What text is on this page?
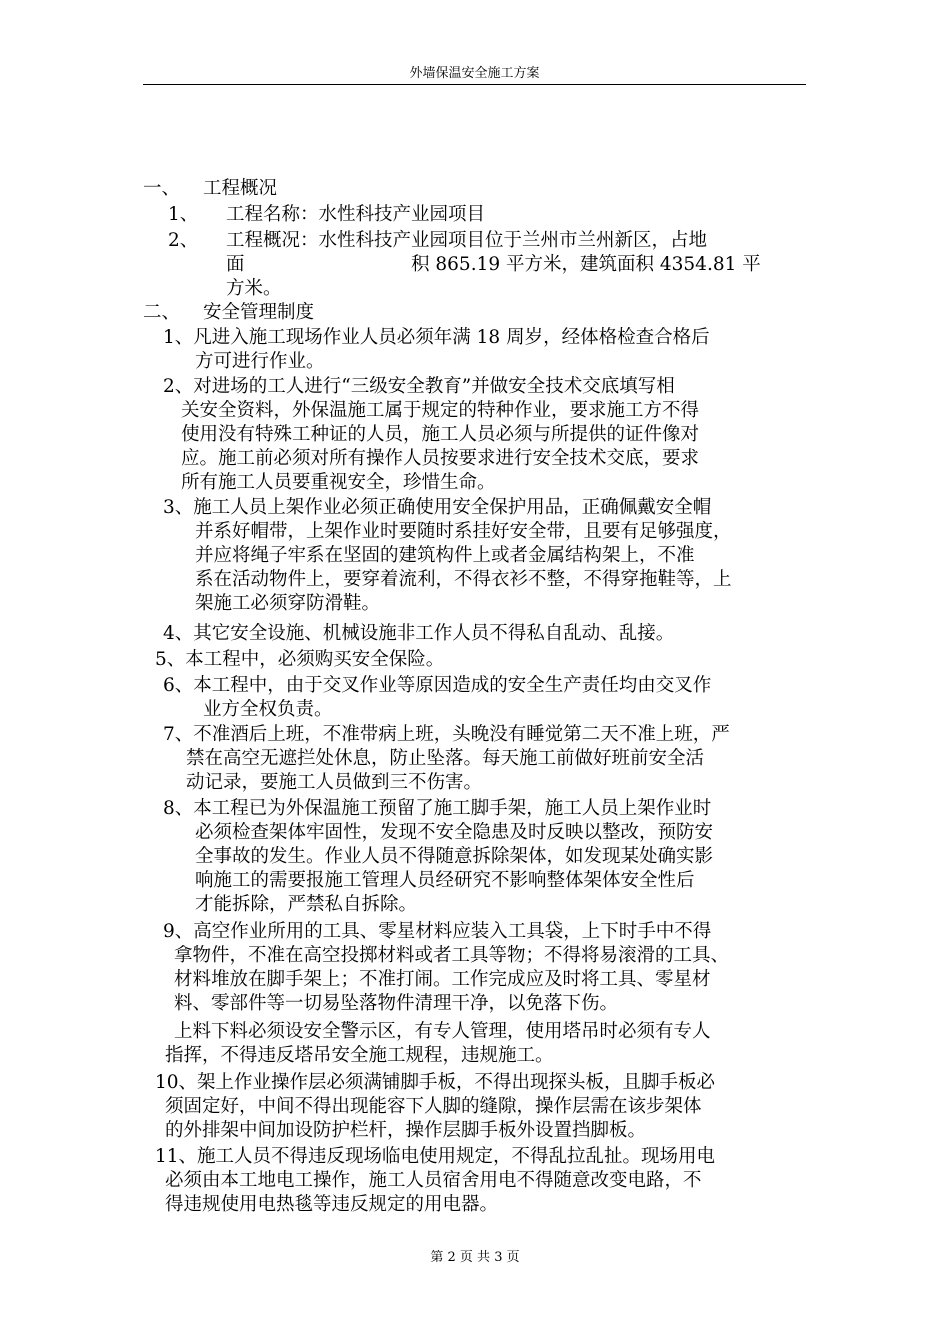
外墙保温安全施工方案
一、 工程概况
1、 工程名称：水性科技产业园项目
2、 工程概况：水性科技产业园项目位于兰州市兰州新区，占地
面	积 865.19 平方米，建筑面积 4354.81 平
方米。
二、 安全管理制度
1、凡进入施工现场作业人员必须年满 18 周岁，经体格检查合格后
方可进行作业。
2、对进场的工人进行“三级安全教育”并做安全技术交底填写相
关安全资料，外保温施工属于规定的特种作业，要求施工方不得
使用没有特殊工种证的人员，施工人员必须与所提供的证件像对
应。施工前必须对所有操作人员按要求进行安全技术交底，要求
所有施工人员要重视安全，珍惜生命。
3、施工人员上架作业必须正确使用安全保护用品，正确佩戴安全帽
并系好帽带，上架作业时要随时系挂好安全带，且要有足够强度，
并应将绳子牢系在坚固的建筑构件上或者金属结构架上，不准
系在活动物件上，要穿着流利，不得衣衫不整，不得穿拖鞋等，上
架施工必须穿防滑鞋。
4、其它安全设施、机械设施非工作人员不得私自乱动、乱接。
5、本工程中，必须购买安全保险。
6、本工程中，由于交叉作业等原因造成的安全生产责任均由交叉作
业方全权负责。
7、不准酒后上班，不准带病上班，头晚没有睡觉第二天不准上班，严
禁在高空无遮拦处休息，防止坠落。每天施工前做好班前安全活
动记录，要施工人员做到三不伤害。
8、本工程已为外保温施工预留了施工脚手架，施工人员上架作业时
必须检查架体牢固性，发现不安全隐患及时反映以整改，预防安
全事故的发生。作业人员不得随意拆除架体，如发现某处确实影
响施工的需要报施工管理人员经研究不影响整体架体安全性后
才能拆除，严禁私自拆除。
9、高空作业所用的工具、零星材料应装入工具袋，上下时手中不得
拿物件，不准在高空投掷材料或者工具等物；不得将易滚滑的工具、
材料堆放在脚手架上；不准打闹。工作完成应及时将工具、零星材
料、零部件等一切易坠落物件清理干净，以免落下伤。
上料下料必须设安全警示区，有专人管理，使用塔吊时必须有专人
指挥，不得违反塔吊安全施工规程，违规施工。
10、架上作业操作层必须满铺脚手板，不得出现探头板，且脚手板必
须固定好，中间不得出现能容下人脚的缝隙，操作层需在该步架体
的外排架中间加设防护栏杆，操作层脚手板外设置挡脚板。
11、施工人员不得违反现场临电使用规定，不得乱拉乱扯。现场用电
必须由本工地电工操作，施工人员宿舍用电不得随意改变电路，不
得违规使用电热毯等违反规定的用电器。
第 2 页 共 3 页
